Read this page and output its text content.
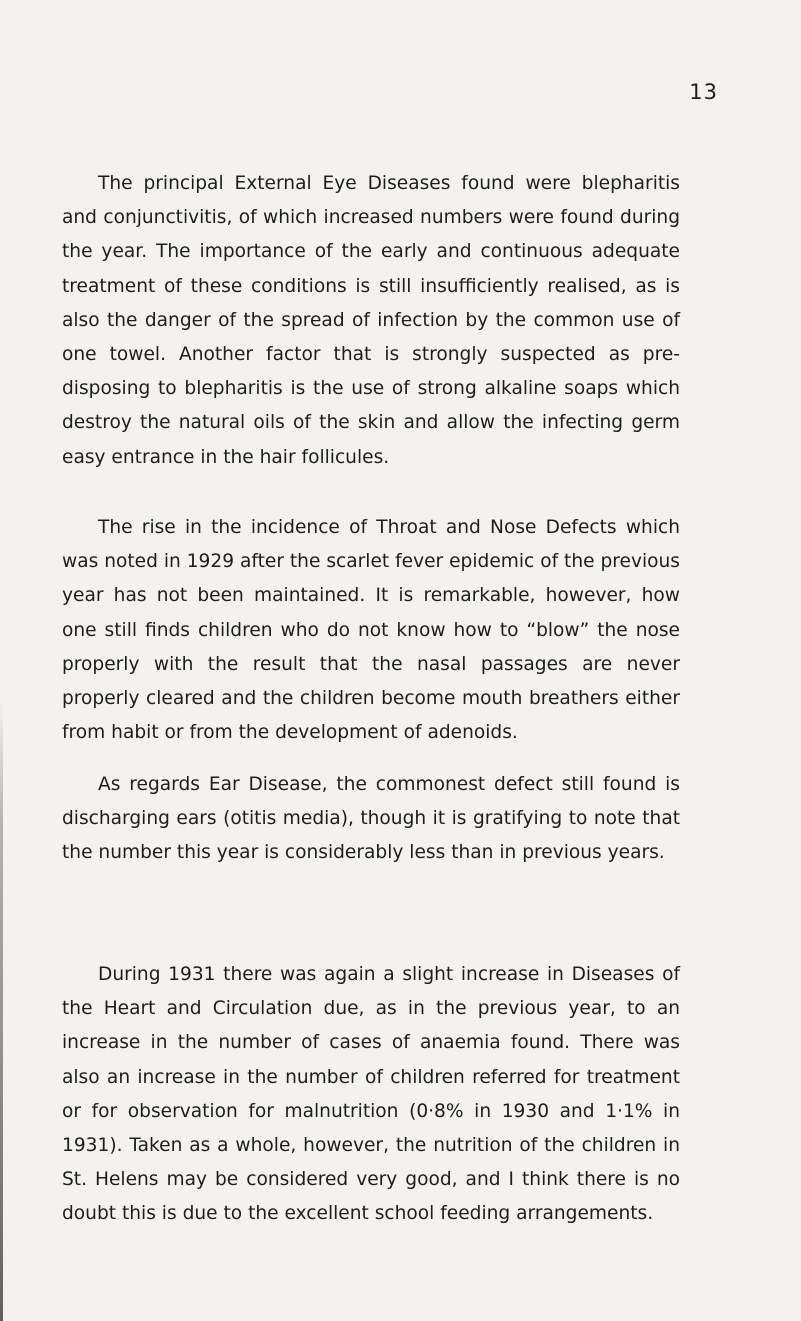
13

The principal External Eye Diseases found were blepharitis and conjunctivitis, of which increased numbers were found during the year. The importance of the early and continuous adequate treatment of these conditions is still insufficiently realised, as is also the danger of the spread of infection by the common use of one towel. Another factor that is strongly suspected as pre-disposing to blepharitis is the use of strong alkaline soaps which destroy the natural oils of the skin and allow the infecting germ easy entrance in the hair follicules.

The rise in the incidence of Throat and Nose Defects which was noted in 1929 after the scarlet fever epidemic of the previous year has not been maintained. It is remarkable, however, how one still finds children who do not know how to “blow” the nose properly with the result that the nasal passages are never properly cleared and the children become mouth breathers either from habit or from the development of adenoids.

As regards Ear Disease, the commonest defect still found is discharging ears (otitis media), though it is gratifying to note that the number this year is considerably less than in previous years.

During 1931 there was again a slight increase in Diseases of the Heart and Circulation due, as in the previous year, to an increase in the number of cases of anaemia found. There was also an increase in the number of children referred for treatment or for observation for malnutrition (0·8% in 1930 and 1·1% in 1931). Taken as a whole, however, the nutrition of the children in St. Helens may be considered very good, and I think there is no doubt this is due to the excellent school feeding arrangements.
